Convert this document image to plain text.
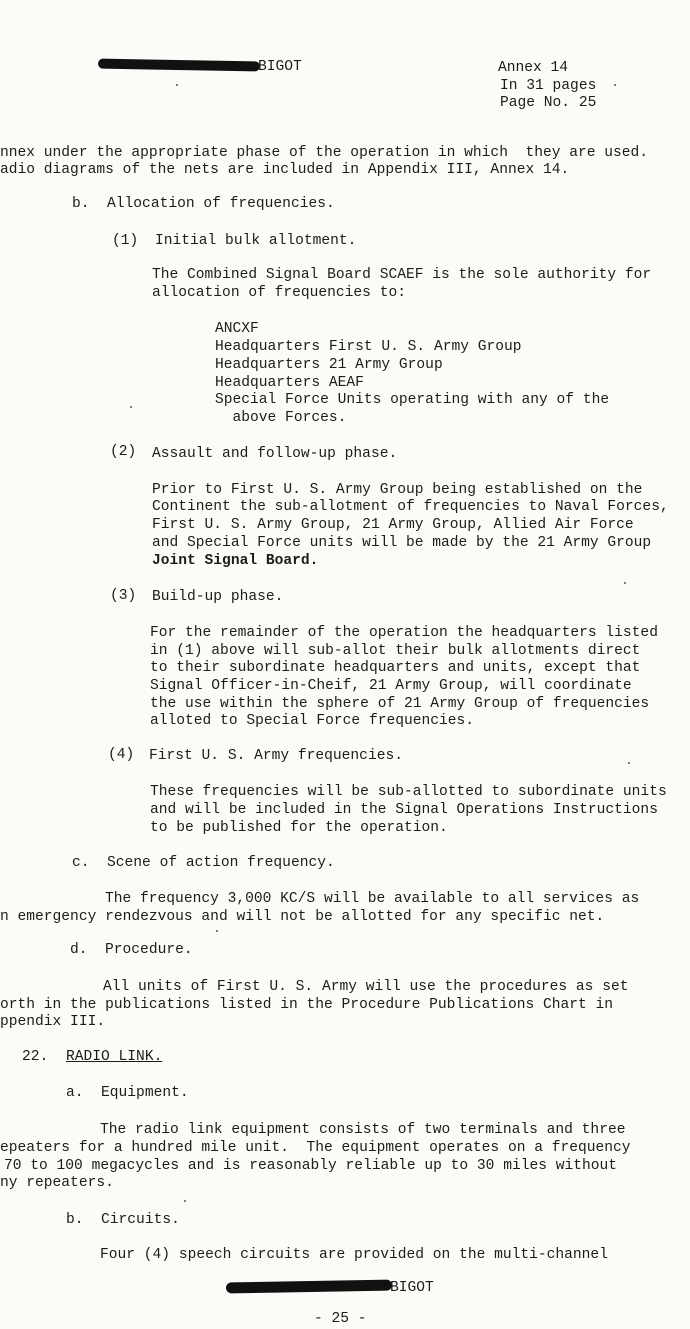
BIGOT	Annex 14
In 31 pages
Page No. 25
nnex under the appropriate phase of the operation in which  they are used.
adio diagrams of the nets are included in Appendix III, Annex 14.
b.  Allocation of frequencies.
(1) Initial bulk allotment.
The Combined Signal Board SCAEF is the sole authority for
allocation of frequencies to:
ANCXF
Headquarters First U. S. Army Group
Headquarters 21 Army Group
Headquarters AEAF
Special Force Units operating with any of the
above Forces.
(2) Assault and follow-up phase.
Prior to First U. S. Army Group being established on the
Continent the sub-allotment of frequencies to Naval Forces,
First U. S. Army Group, 21 Army Group, Allied Air Force
and Special Force units will be made by the 21 Army Group
Joint Signal Board.
(3) Build-up phase.
For the remainder of the operation the headquarters listed
in (1) above will sub-allot their bulk allotments direct
to their subordinate headquarters and units, except that
Signal Officer-in-Cheif, 21 Army Group, will coordinate
the use within the sphere of 21 Army Group of frequencies
alloted to Special Force frequencies.
(4) First U. S. Army frequencies.
These frequencies will be sub-allotted to subordinate units
and will be included in the Signal Operations Instructions
to be published for the operation.
c.  Scene of action frequency.
The frequency 3,000 KC/S will be available to all services as
n emergency rendezvous and will not be allotted for any specific net.
d.  Procedure.
All units of First U. S. Army will use the procedures as set
orth in the publications listed in the Procedure Publications Chart in
ppendix III.
22. RADIO LINK.
a.  Equipment.
The radio link equipment consists of two terminals and three
epeaters for a hundred mile unit.  The equipment operates on a frequency
70 to 100 megacycles and is reasonably reliable up to 30 miles without
ny repeaters.
b.  Circuits.
Four (4) speech circuits are provided on the multi-channel
BIGOT
- 25 -
